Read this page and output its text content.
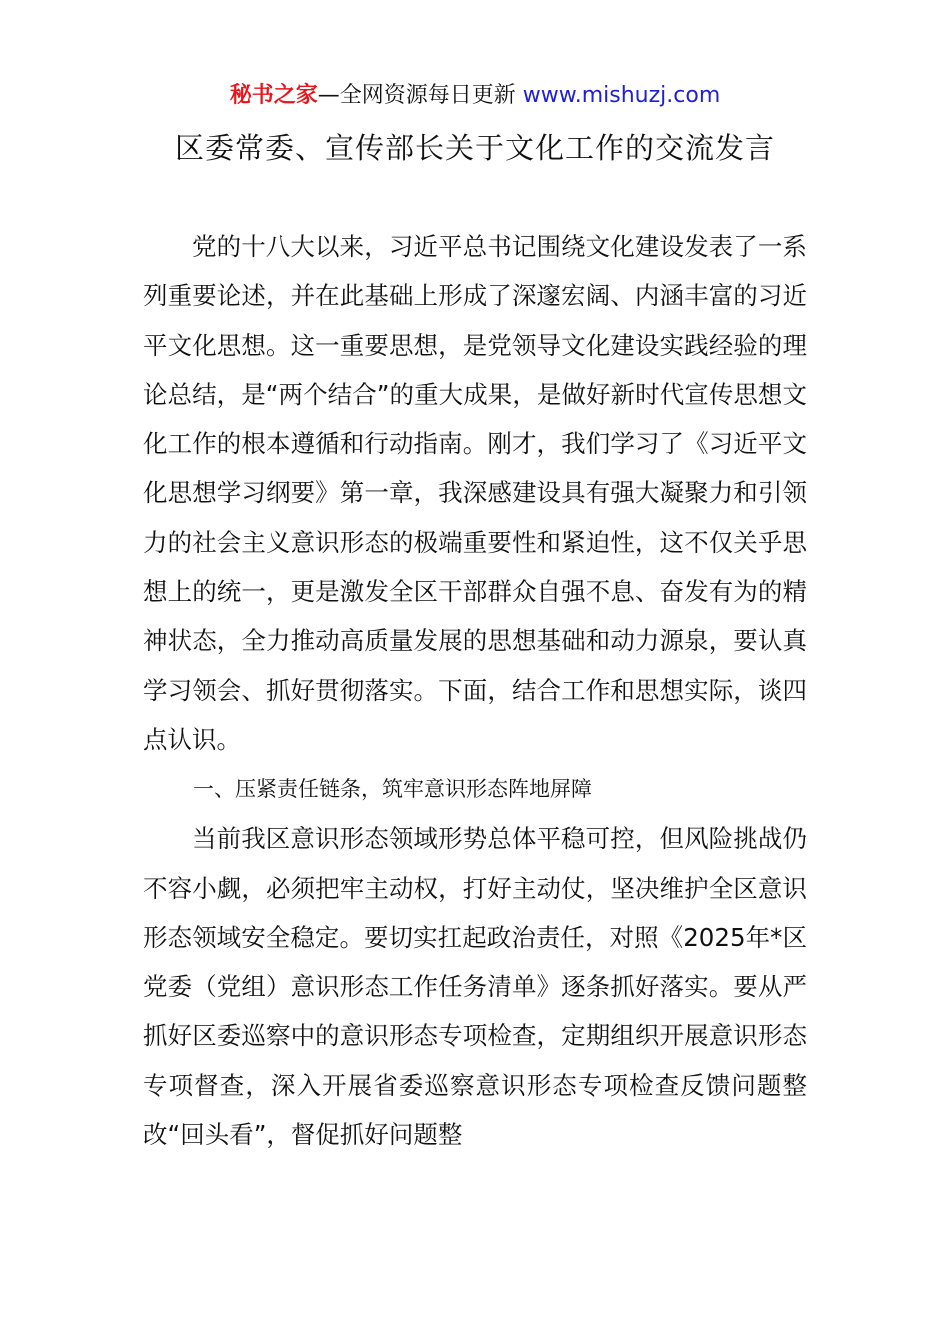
秘书之家—全网资源每日更新 www.mishuzj.com
区委常委、宣传部长关于文化工作的交流发言

党的十八大以来，习近平总书记围绕文化建设发表了一系列重要论述，并在此基础上形成了深邃宏阔、内涵丰富的习近平文化思想。这一重要思想，是党领导文化建设实践经验的理论总结，是“两个结合”的重大成果，是做好新时代宣传思想文化工作的根本遵循和行动指南。刚才，我们学习了《习近平文化思想学习纲要》第一章，我深感建设具有强大凝聚力和引领力的社会主义意识形态的极端重要性和紧迫性，这不仅关乎思想上的统一，更是激发全区干部群众自强不息、奋发有为的精神状态，全力推动高质量发展的思想基础和动力源泉，要认真学习领会、抓好贯彻落实。下面，结合工作和思想实际，谈四点认识。

一、压紧责任链条，筑牢意识形态阵地屏障

当前我区意识形态领域形势总体平稳可控，但风险挑战仍不容小觑，必须把牢主动权，打好主动仗，坚决维护全区意识形态领域安全稳定。要切实扛起政治责任，对照《2025年*区党委（党组）意识形态工作任务清单》逐条抓好落实。要从严抓好区委巡察中的意识形态专项检查，定期组织开展意识形态专项督查，深入开展省委巡察意识形态专项检查反馈问题整改“回头看”，督促抓好问题整
